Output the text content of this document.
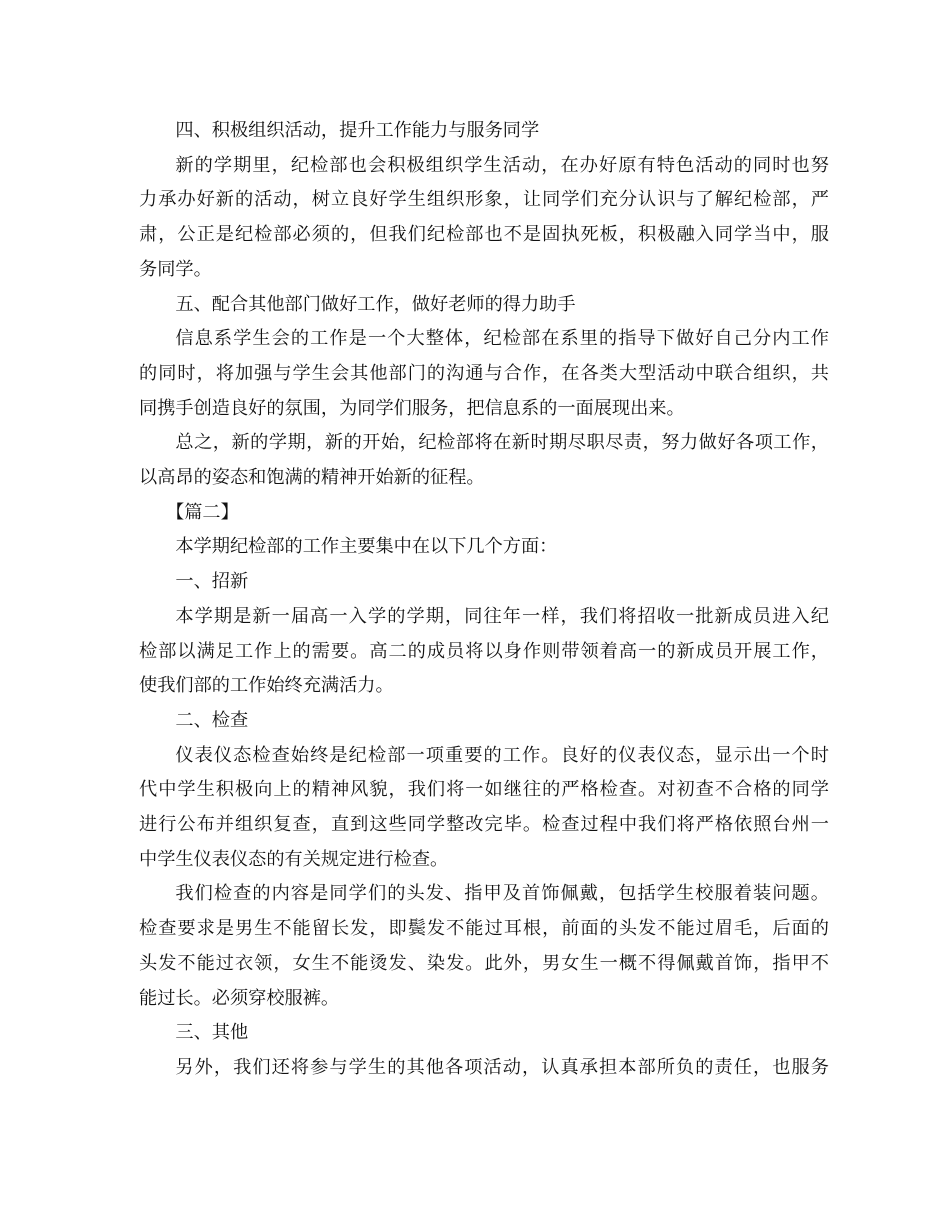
四、积极组织活动，提升工作能力与服务同学

新的学期里，纪检部也会积极组织学生活动，在办好原有特色活动的同时也努
力承办好新的活动，树立良好学生组织形象，让同学们充分认识与了解纪检部，严
肃，公正是纪检部必须的，但我们纪检部也不是固执死板，积极融入同学当中，服
务同学。

五、配合其他部门做好工作，做好老师的得力助手

信息系学生会的工作是一个大整体，纪检部在系里的指导下做好自己分内工作
的同时，将加强与学生会其他部门的沟通与合作，在各类大型活动中联合组织，共
同携手创造良好的氛围，为同学们服务，把信息系的一面展现出来。
总之，新的学期，新的开始，纪检部将在新时期尽职尽责，努力做好各项工作，
以高昂的姿态和饱满的精神开始新的征程。

【篇二】

本学期纪检部的工作主要集中在以下几个方面：

一、招新

本学期是新一届高一入学的学期，同往年一样，我们将招收一批新成员进入纪
检部以满足工作上的需要。高二的成员将以身作则带领着高一的新成员开展工作，
使我们部的工作始终充满活力。

二、检查

仪表仪态检查始终是纪检部一项重要的工作。良好的仪表仪态，显示出一个时
代中学生积极向上的精神风貌，我们将一如继往的严格检查。对初查不合格的同学
进行公布并组织复查，直到这些同学整改完毕。检查过程中我们将严格依照台州一
中学生仪表仪态的有关规定进行检查。
我们检查的内容是同学们的头发、指甲及首饰佩戴，包括学生校服着装问题。
检查要求是男生不能留长发，即鬓发不能过耳根，前面的头发不能过眉毛，后面的
头发不能过衣领，女生不能烫发、染发。此外，男女生一概不得佩戴首饰，指甲不
能过长。必须穿校服裤。

三、其他

另外，我们还将参与学生的其他各项活动，认真承担本部所负的责任，也服务
